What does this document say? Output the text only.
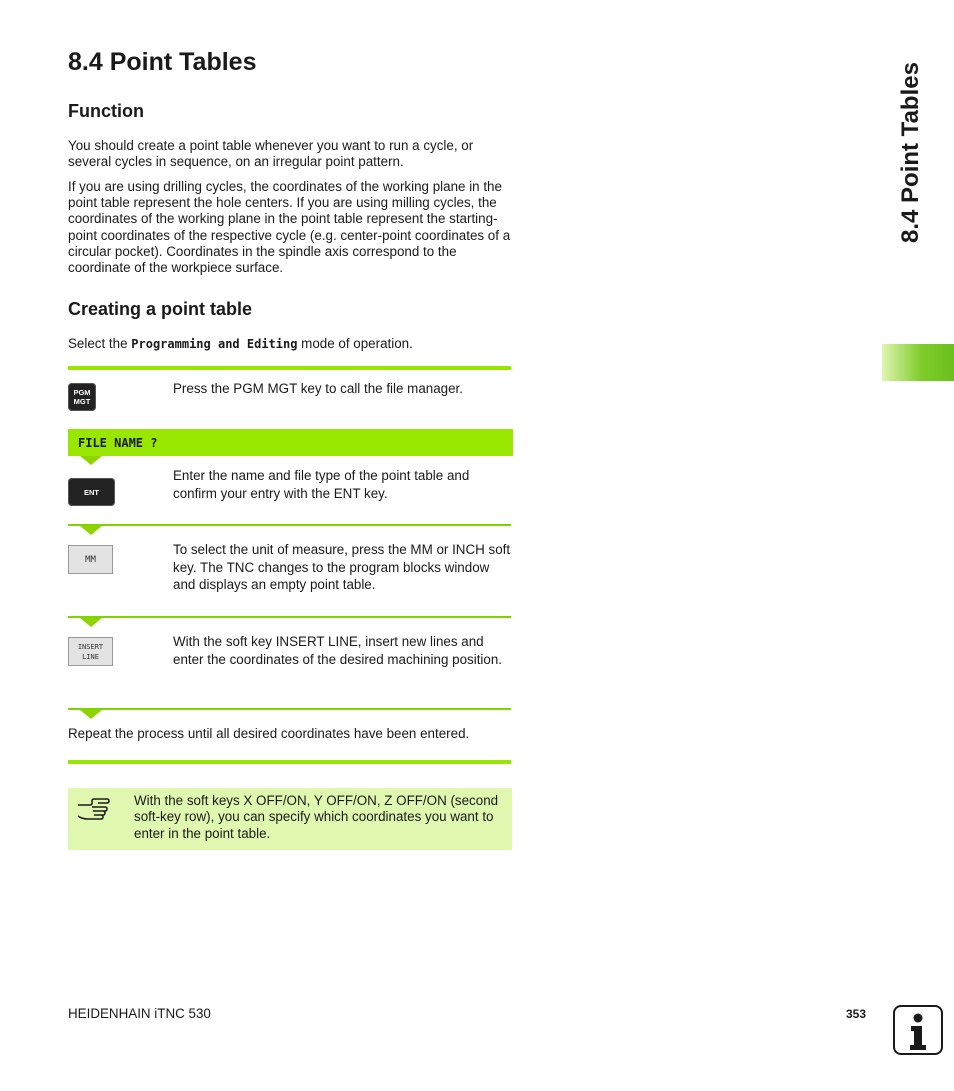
8.4 Point Tables
Function

You should create a point table whenever you want to run a cycle, or several cycles in sequence, on an irregular point pattern.

If you are using drilling cycles, the coordinates of the working plane in the point table represent the hole centers. If you are using milling cycles, the coordinates of the working plane in the point table represent the starting-point coordinates of the respective cycle (e.g. center-point coordinates of a circular pocket). Coordinates in the spindle axis correspond to the coordinate of the workpiece surface.

Creating a point table

Select the Programming and Editing mode of operation.

PGM
MGT

Press the PGM MGT key to call the file manager.

FILE NAME ?
ENT

Enter the name and file type of the point table and confirm your entry with the ENT key.

MM

To select the unit of measure, press the MM or INCH soft key. The TNC changes to the program blocks window and displays an empty point table.

INSERT
LINE

With the soft key INSERT LINE, insert new lines and enter the coordinates of the desired machining position.

Repeat the process until all desired coordinates have been entered.

With the soft keys X OFF/ON, Y OFF/ON, Z OFF/ON (second soft-key row), you can specify which coordinates you want to enter in the point table.

8.4 Point Tables

HEIDENHAIN iTNC 530	353
